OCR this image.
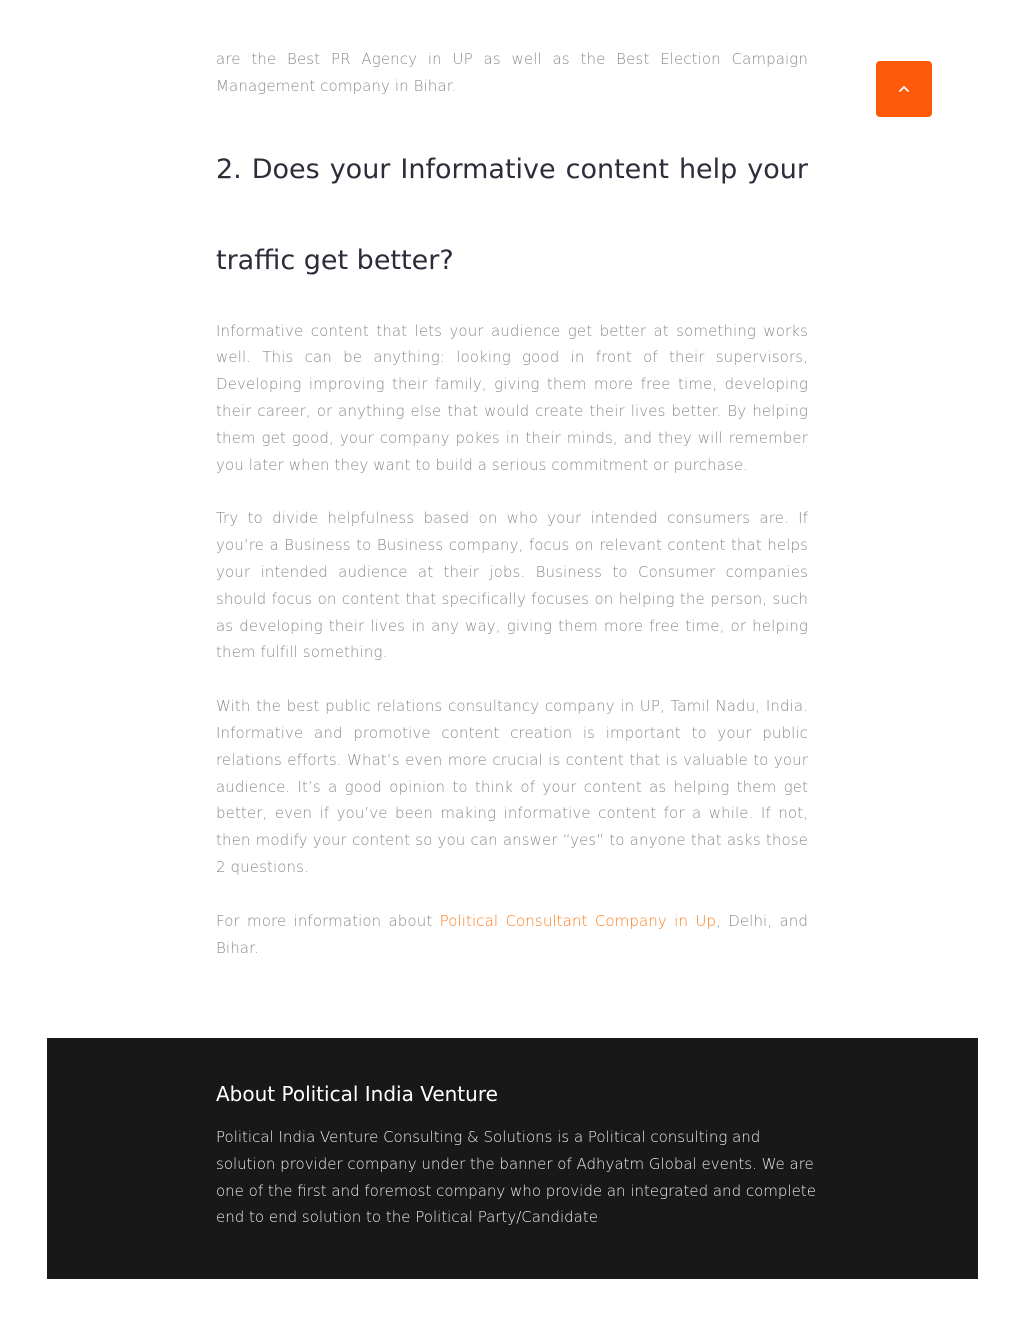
are the Best PR Agency in UP as well as the Best Election Campaign Management company in Bihar.

2. Does your Informative content help your traffic get better?

Informative content that lets your audience get better at something works well. This can be anything: looking good in front of their supervisors, Developing improving their family, giving them more free time, developing their career, or anything else that would create their lives better. By helping them get good, your company pokes in their minds, and they will remember you later when they want to build a serious commitment or purchase.

Try to divide helpfulness based on who your intended consumers are. If you’re a Business to Business company, focus on relevant content that helps your intended audience at their jobs. Business to Consumer companies should focus on content that specifically focuses on helping the person, such as developing their lives in any way, giving them more free time, or helping them fulfill something.

With the best public relations consultancy company in UP, Tamil Nadu, India. Informative and promotive content creation is important to your public relations efforts. What’s even more crucial is content that is valuable to your audience. It’s a good opinion to think of your content as helping them get better, even if you’ve been making informative content for a while. If not, then modify your content so you can answer “yes” to anyone that asks those 2 questions.

For more information about Political Consultant Company in Up, Delhi, and Bihar.

About Political India Venture

Political India Venture Consulting & Solutions is a Political consulting and solution provider company under the banner of Adhyatm Global events. We are one of the first and foremost company who provide an integrated and complete end to end solution to the Political Party/Candidate
